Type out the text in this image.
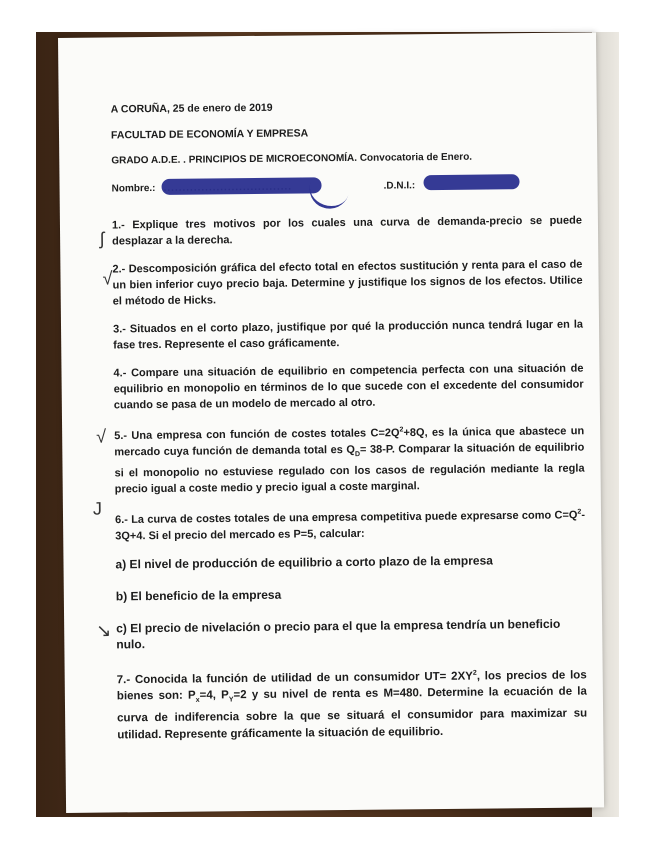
A CORUÑA, 25 de enero de 2019
FACULTAD DE ECONOMÍA Y EMPRESA
GRADO A.D.E. . PRINCIPIOS DE MICROECONOMÍA. Convocatoria de Enero.
Nombre.:	.D.N.I.:
1.- Explique tres motivos por los cuales una curva de demanda-precio se puede desplazar a la derecha.
2.- Descomposición gráfica del efecto total en efectos sustitución y renta para el caso de un bien inferior cuyo precio baja. Determine y justifique los signos de los efectos. Utilice el método de Hicks.
3.- Situados en el corto plazo, justifique por qué la producción nunca tendrá lugar en la fase tres. Represente el caso gráficamente.
4.- Compare una situación de equilibrio en competencia perfecta con una situación de equilibrio en monopolio en términos de lo que sucede con el excedente del consumidor cuando se pasa de un modelo de mercado al otro.
5.- Una empresa con función de costes totales $C=2Q^2+8Q$, es la única que abastece un mercado cuya función de demanda total es $Q_D= 38-P$. Comparar la situación de equilibrio si el monopolio no estuviese regulado con los casos de regulación mediante la regla precio igual a coste medio y precio igual a coste marginal.
6.- La curva de costes totales de una empresa competitiva puede expresarse como $C=Q^2-3Q+4$. Si el precio del mercado es P=5, calcular:
a) El nivel de producción de equilibrio a corto plazo de la empresa
b) El beneficio de la empresa
c) El precio de nivelación o precio para el que la empresa tendría un beneficio nulo.
7.- Conocida la función de utilidad de un consumidor $UT= 2XY^2$, los precios de los bienes son: $P_x=4$, $P_Y=2$ y su nivel de renta es M=480. Determine la ecuación de la curva de indiferencia sobre la que se situará el consumidor para maximizar su utilidad. Represente gráficamente la situación de equilibrio.
ʃ
√
√
J
↘
